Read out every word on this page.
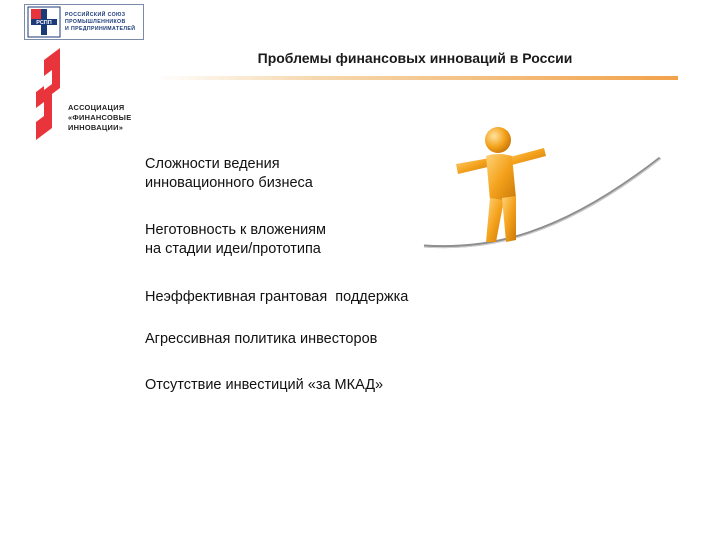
РСПП
РОССИЙСКИЙ СОЮЗ
ПРОМЫШЛЕННИКОВ
И ПРЕДПРИНИМАТЕЛЕЙ
Проблемы финансовых инноваций в России
АССОЦИАЦИЯ
«ФИНАНСОВЫЕ
ИННОВАЦИИ»
Сложности ведения
инновационного бизнеса
Неготовность к вложениям
на стадии идеи/прототипа
Неэффективная грантовая  поддержка
Агрессивная политика инвесторов
Отсутствие инвестиций «за МКАД»
